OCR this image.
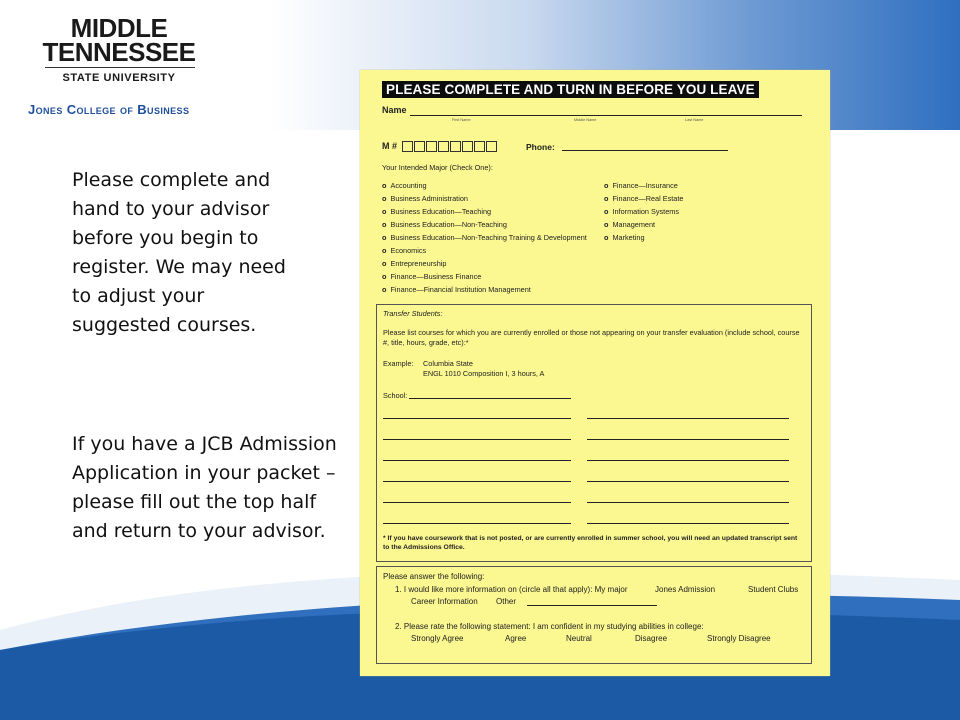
MIDDLE
TENNESSEE
STATE UNIVERSITY
Jones College of Business
Please complete and
hand to your advisor
before you begin to
register. We may need
to adjust your
suggested courses.
If you have a JCB Admission
Application in your packet –
please fill out the top half
and return to your advisor.
PLEASE COMPLETE AND TURN IN BEFORE YOU LEAVE
Name
First Name	Middle Name	Last Name
M #	Phone:
Your Intended Major (Check One):
o Accounting
o Business Administration
o Business Education—Teaching
o Business Education—Non-Teaching
o Business Education—Non-Teaching Training & Development
o Economics
o Entrepreneurship
o Finance—Business Finance
o Finance—Financial Institution Management
o Finance—Insurance
o Finance—Real Estate
o Information Systems
o Management
o Marketing
Transfer Students:
Please list courses for which you are currently enrolled or those not appearing on your transfer evaluation (include school, course #, title, hours, grade, etc):*
Example: Columbia State
ENGL 1010 Composition I, 3 hours, A
School:
* If you have coursework that is not posted, or are currently enrolled in summer school, you will need an updated transcript sent to the Admissions Office.
Please answer the following:
1. I would like more information on (circle all that apply): My major	Jones Admission	Student Clubs
Career Information Other
2. Please rate the following statement: I am confident in my studying abilities in college:
Strongly Agree	Agree	Neutral	Disagree	Strongly Disagree
